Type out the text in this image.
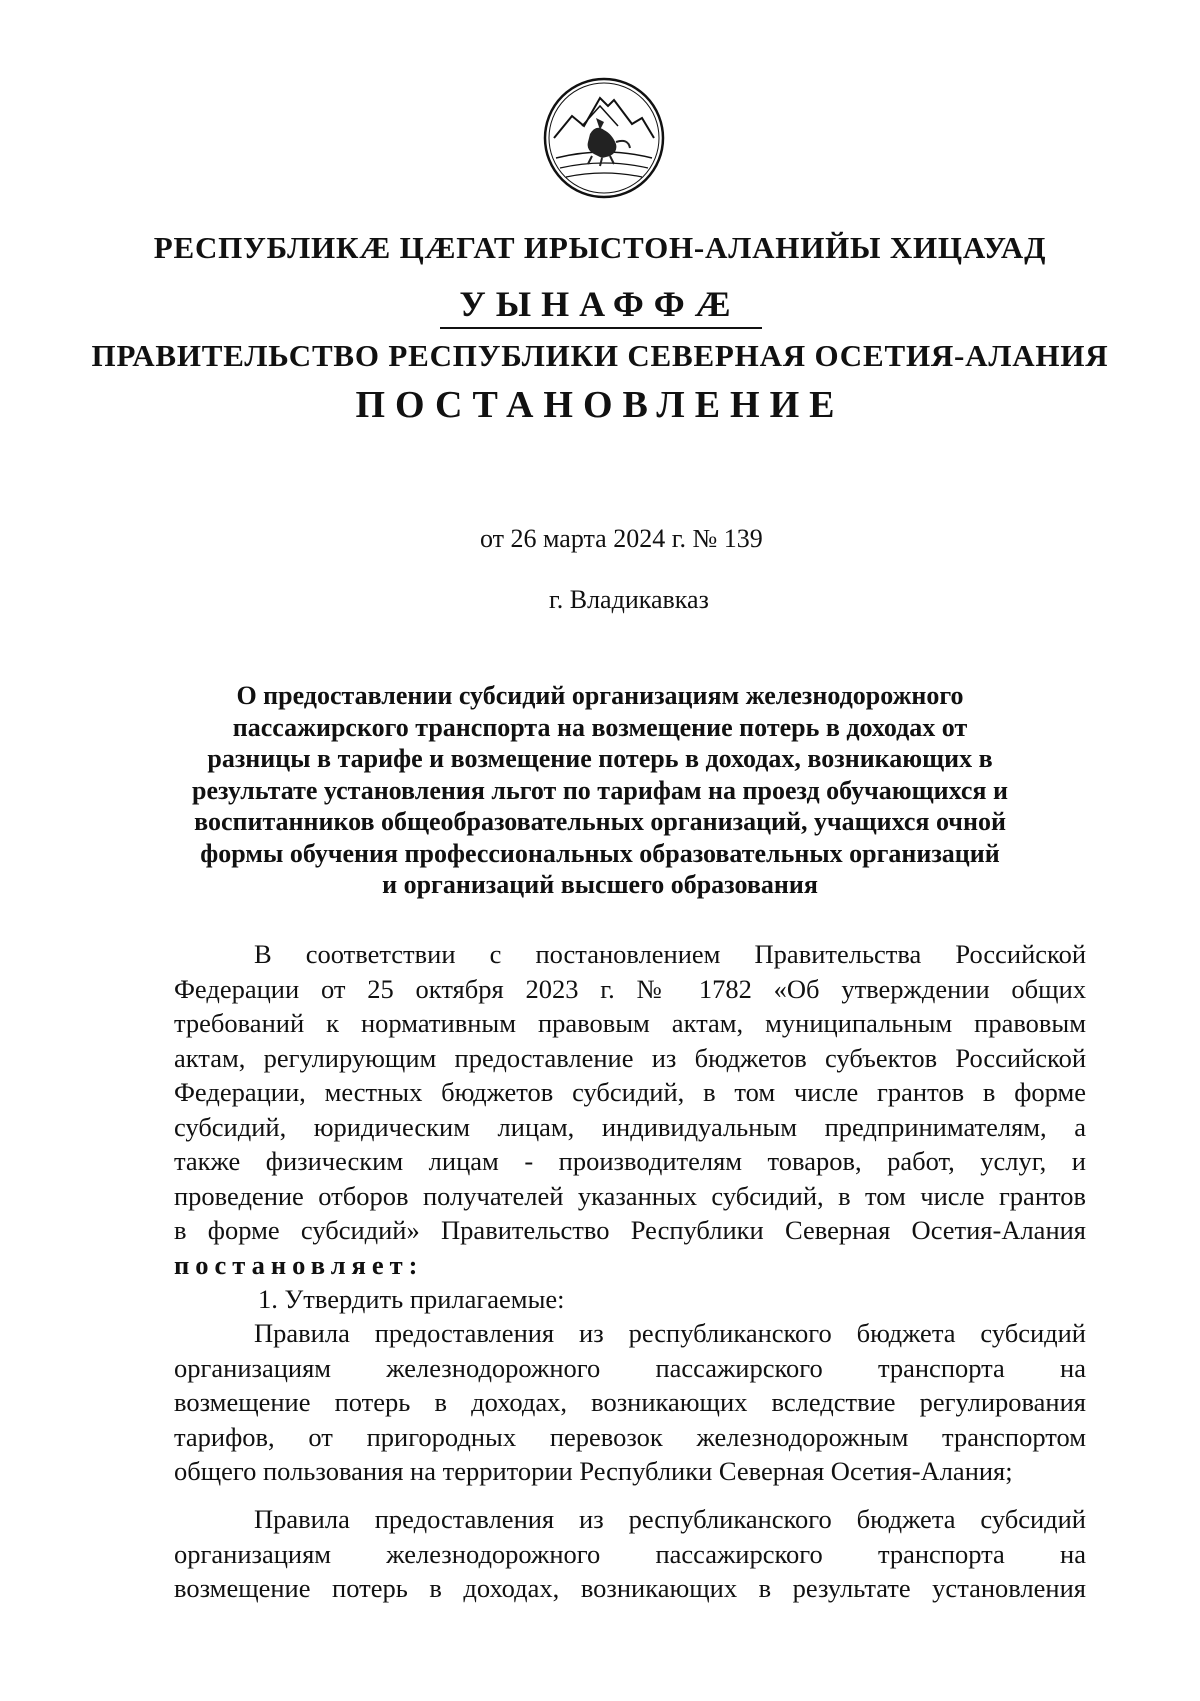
РЕСПУБЛИКӔ ЦӔГАТ ИРЫСТОН-АЛАНИЙЫ ХИЦАУАД
УЫНАФФӔ
ПРАВИТЕЛЬСТВО РЕСПУБЛИКИ СЕВЕРНАЯ ОСЕТИЯ-АЛАНИЯ
ПОСТАНОВЛЕНИЕ
от 26 марта 2024 г. № 139
г. Владикавказ
О предоставлении субсидий организациям железнодорожного
пассажирского транспорта на возмещение потерь в доходах от
разницы в тарифе и возмещение потерь в доходах, возникающих в
результате установления льгот по тарифам на проезд обучающихся и
воспитанников общеобразовательных организаций, учащихся очной
формы обучения профессиональных образовательных организаций
и организаций высшего образования
В соответствии с постановлением Правительства Российской
Федерации от 25 октября 2023 г. № 1782 «Об утверждении общих
требований к нормативным правовым актам, муниципальным правовым
актам, регулирующим предоставление из бюджетов субъектов Российской
Федерации, местных бюджетов субсидий, в том числе грантов в форме
субсидий, юридическим лицам, индивидуальным предпринимателям, а
также физическим лицам - производителям товаров, работ, услуг, и
проведение отборов получателей указанных субсидий, в том числе грантов
в форме субсидий» Правительство Республики Северная Осетия-Алания
постановляет:
1. Утвердить прилагаемые:
Правила предоставления из республиканского бюджета субсидий
организациям железнодорожного пассажирского транспорта на
возмещение потерь в доходах, возникающих вследствие регулирования
тарифов, от пригородных перевозок железнодорожным транспортом
общего пользования на территории Республики Северная Осетия-Алания;
Правила предоставления из республиканского бюджета субсидий
организациям железнодорожного пассажирского транспорта на
возмещение потерь в доходах, возникающих в результате установления
